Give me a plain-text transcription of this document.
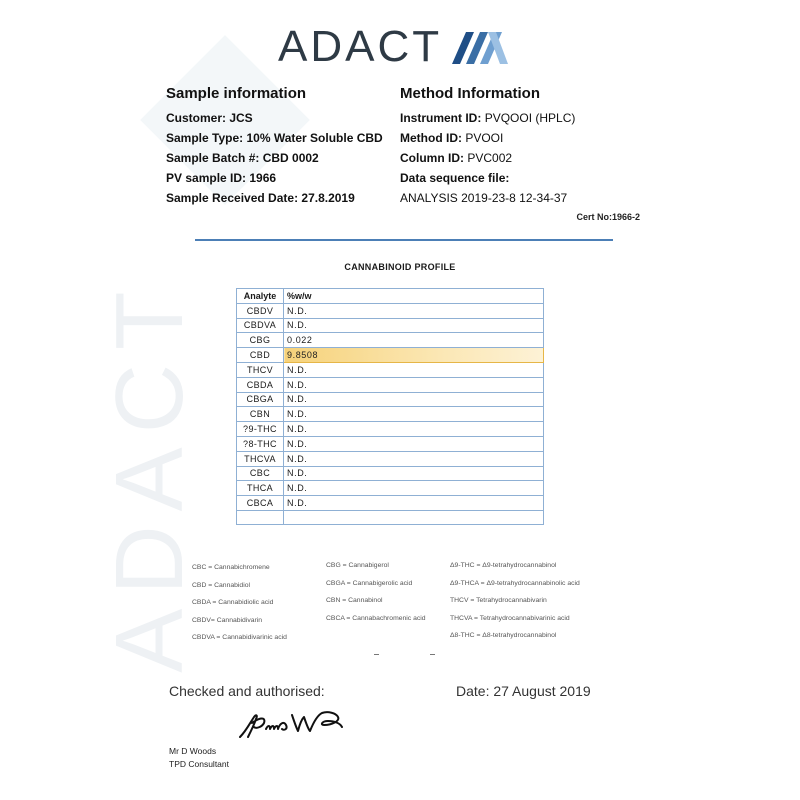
ADACT
ADACT
Sample information
Customer: JCS
Sample Type: 10% Water Soluble CBD
Sample Batch #: CBD 0002
PV sample ID: 1966
Sample Received Date: 27.8.2019
Method Information
Instrument ID: PVQOOI (HPLC)
Method ID: PVOOI
Column ID: PVC002
Data sequence file:
ANALYSIS 2019-23-8 12-34-37
Cert No:1966-2
CANNABINOID PROFILE
Analyte	%w/w
CBDV	N.D.
CBDVA	N.D.
CBG	0.022
CBD	9.8508
THCV	N.D.
CBDA	N.D.
CBGA	N.D.
CBN	N.D.
?9-THC	N.D.
?8-THC	N.D.
THCVA	N.D.
CBC	N.D.
THCA	N.D.
CBCA	N.D.

CBC = Cannabichromene
CBD = Cannabidiol
CBDA = Cannabidiolic acid
CBDV= Cannabidivarin
CBDVA = Cannabidivarinic acid
CBG = Cannabigerol
CBGA = Cannabigerolic acid
CBN = Cannabinol
CBCA = Cannabachromenic acid
Δ9-THC = Δ9-tetrahydrocannabinol
Δ9-THCA = Δ9-tetrahydrocannabinolic acid
THCV = Tetrahydrocannabivarin
THCVA = Tetrahydrocannabivarinic acid
Δ8-THC = Δ8-tetrahydrocannabinol
Checked and authorised:	Date: 27 August 2019
Mr D Woods
TPD Consultant
